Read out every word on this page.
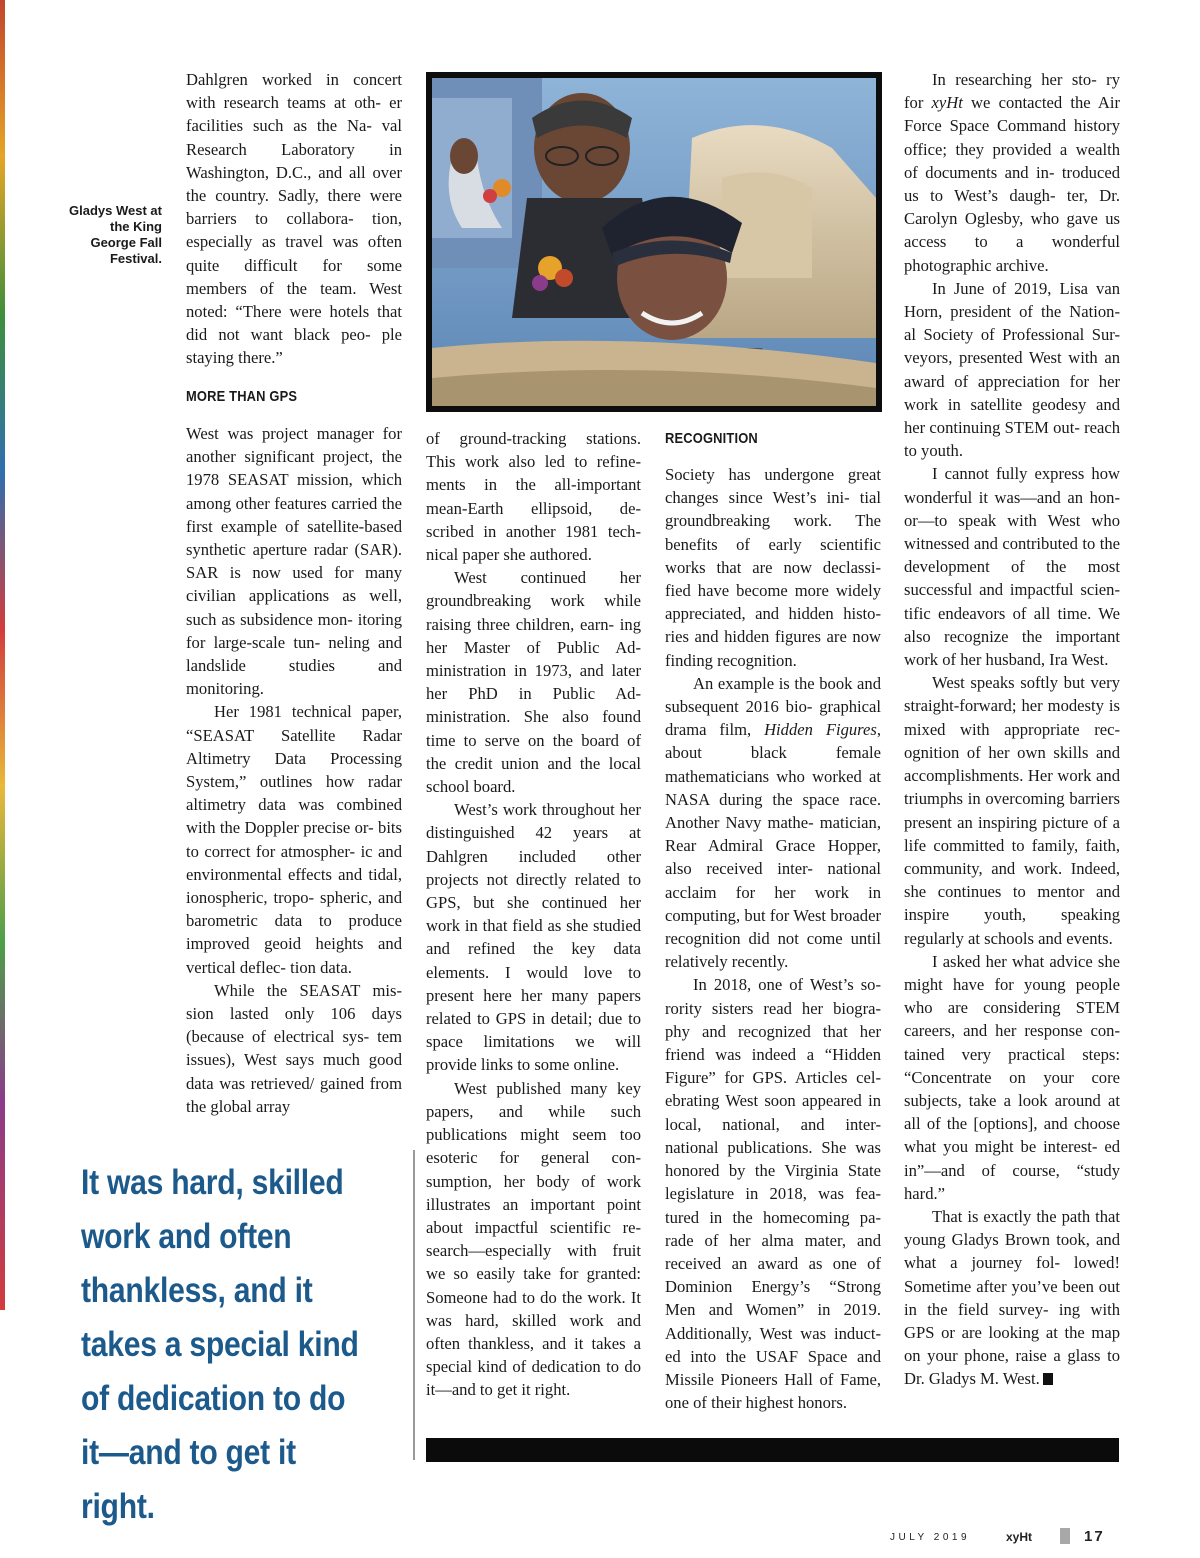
Gladys West at the King George Fall Festival.

Dahlgren worked in concert with research teams at oth- er facilities such as the Na- val Research Laboratory in Washington, D.C., and all over the country. Sadly, there were barriers to collabora- tion, especially as travel was often quite difficult for some members of the team. West noted: “There were hotels that did not want black peo- ple staying there.”

MORE THAN GPS

West was project manager for another significant project, the 1978 SEASAT mission, which among other features carried the first example of satellite-based synthetic aperture radar (SAR). SAR is now used for many civilian applications as well, such as subsidence mon- itoring for large-scale tun- neling and landslide studies and monitoring.

Her 1981 technical paper, “SEASAT Satellite Radar Altimetry Data Processing System,” outlines how radar altimetry data was combined with the Doppler precise or- bits to correct for atmospher- ic and environmental effects and tidal, ionospheric, tropo- spheric, and barometric data to produce improved geoid heights and vertical deflec- tion data.

While the SEASAT mis- sion lasted only 106 days (because of electrical sys- tem issues), West says much good data was retrieved/ gained from the global array

of ground-tracking stations. This work also led to refine- ments in the all-important mean-Earth ellipsoid, de- scribed in another 1981 tech- nical paper she authored.

West continued her groundbreaking work while raising three children, earn- ing her Master of Public Ad- ministration in 1973, and later her PhD in Public Ad- ministration. She also found time to serve on the board of the credit union and the local school board.

West’s work throughout her distinguished 42 years at Dahlgren included other projects not directly related to GPS, but she continued her work in that field as she studied and refined the key data elements. I would love to present here her many papers related to GPS in detail; due to space limitations we will provide links to some online.

West published many key papers, and while such publications might seem too esoteric for general con- sumption, her body of work illustrates an important point about impactful scientific re- search—especially with fruit we so easily take for granted: Someone had to do the work. It was hard, skilled work and often thankless, and it takes a special kind of dedication to do it—and to get it right.

RECOGNITION

Society has undergone great changes since West’s ini- tial groundbreaking work. The benefits of early scientific works that are now declassi- fied have become more widely appreciated, and hidden histo- ries and hidden figures are now finding recognition.

An example is the book and subsequent 2016 bio- graphical drama film, Hidden Figures, about black female mathematicians who worked at NASA during the space race. Another Navy mathe- matician, Rear Admiral Grace Hopper, also received inter- national acclaim for her work in computing, but for West broader recognition did not come until relatively recently.

In 2018, one of West’s so- rority sisters read her biogra- phy and recognized that her friend was indeed a “Hidden Figure” for GPS. Articles cel- ebrating West soon appeared in local, national, and inter- national publications. She was honored by the Virginia State legislature in 2018, was fea- tured in the homecoming pa- rade of her alma mater, and received an award as one of Dominion Energy’s “Strong Men and Women” in 2019. Additionally, West was induct- ed into the USAF Space and Missile Pioneers Hall of Fame, one of their highest honors.

In researching her sto- ry for xyHt we contacted the Air Force Space Command history office; they provided a wealth of documents and in- troduced us to West’s daugh- ter, Dr. Carolyn Oglesby, who gave us access to a wonderful photographic archive.

In June of 2019, Lisa van Horn, president of the Nation- al Society of Professional Sur- veyors, presented West with an award of appreciation for her work in satellite geodesy and her continuing STEM out- reach to youth.

I cannot fully express how wonderful it was—and an hon- or—to speak with West who witnessed and contributed to the development of the most successful and impactful scien- tific endeavors of all time. We also recognize the important work of her husband, Ira West.

West speaks softly but very straight-forward; her modesty is mixed with appropriate rec- ognition of her own skills and accomplishments. Her work and triumphs in overcoming barriers present an inspiring picture of a life committed to family, faith, community, and work. Indeed, she continues to mentor and inspire youth, speaking regularly at schools and events.

I asked her what advice she might have for young people who are considering STEM careers, and her response con- tained very practical steps: “Concentrate on your core subjects, take a look around at all of the [options], and choose what you might be interest- ed in”—and of course, “study hard.”

That is exactly the path that young Gladys Brown took, and what a journey fol- lowed! Sometime after you’ve been out in the field survey- ing with GPS or are looking at the map on your phone, raise a glass to Dr. Gladys M. West.

It was hard, skilled work and often thankless, and it takes a special kind of dedication to do it—and to get it right.
JULY 2019	xyHt	17
